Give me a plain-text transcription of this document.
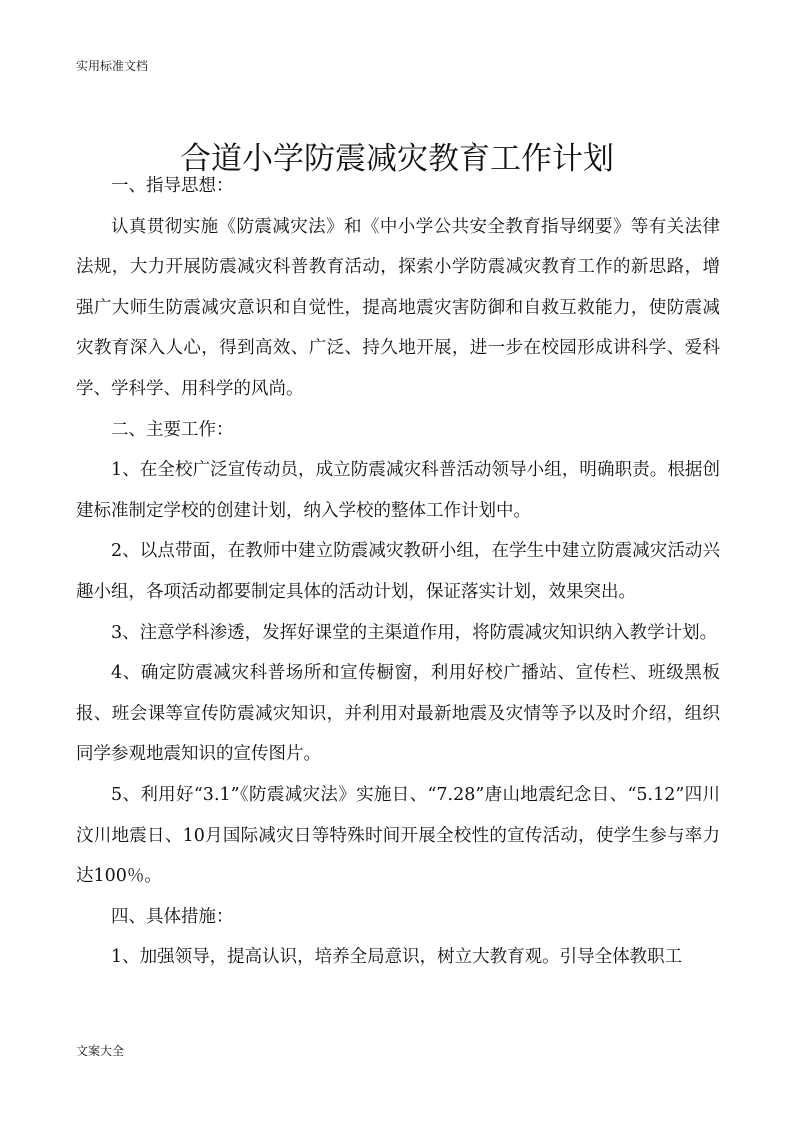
实用标准文档
合道小学防震减灾教育工作计划

一、指导思想：

认真贯彻实施《防震减灾法》和《中小学公共安全教育指导纲要》等有关法律法规，大力开展防震减灾科普教育活动，探索小学防震减灾教育工作的新思路，增强广大师生防震减灾意识和自觉性，提高地震灾害防御和自救互救能力，使防震减灾教育深入人心，得到高效、广泛、持久地开展，进一步在校园形成讲科学、爱科学、学科学、用科学的风尚。

二、主要工作：

1、在全校广泛宣传动员，成立防震减灾科普活动领导小组，明确职责。根据创建标准制定学校的创建计划，纳入学校的整体工作计划中。

2、以点带面，在教师中建立防震减灾教研小组，在学生中建立防震减灾活动兴趣小组，各项活动都要制定具体的活动计划，保证落实计划，效果突出。

3、注意学科渗透，发挥好课堂的主渠道作用，将防震减灾知识纳入教学计划。

4、确定防震减灾科普场所和宣传橱窗，利用好校广播站、宣传栏、班级黑板报、班会课等宣传防震减灾知识，并利用对最新地震及灾情等予以及时介绍，组织同学参观地震知识的宣传图片。

5、利用好“3.1”《防震减灾法》实施日、“7.28”唐山地震纪念日、“5.12”四川汶川地震日、10月国际减灾日等特殊时间开展全校性的宣传活动，使学生参与率力达100％。

四、具体措施：

1、加强领导，提高认识，培养全局意识，树立大教育观。引导全体教职工

文案大全
